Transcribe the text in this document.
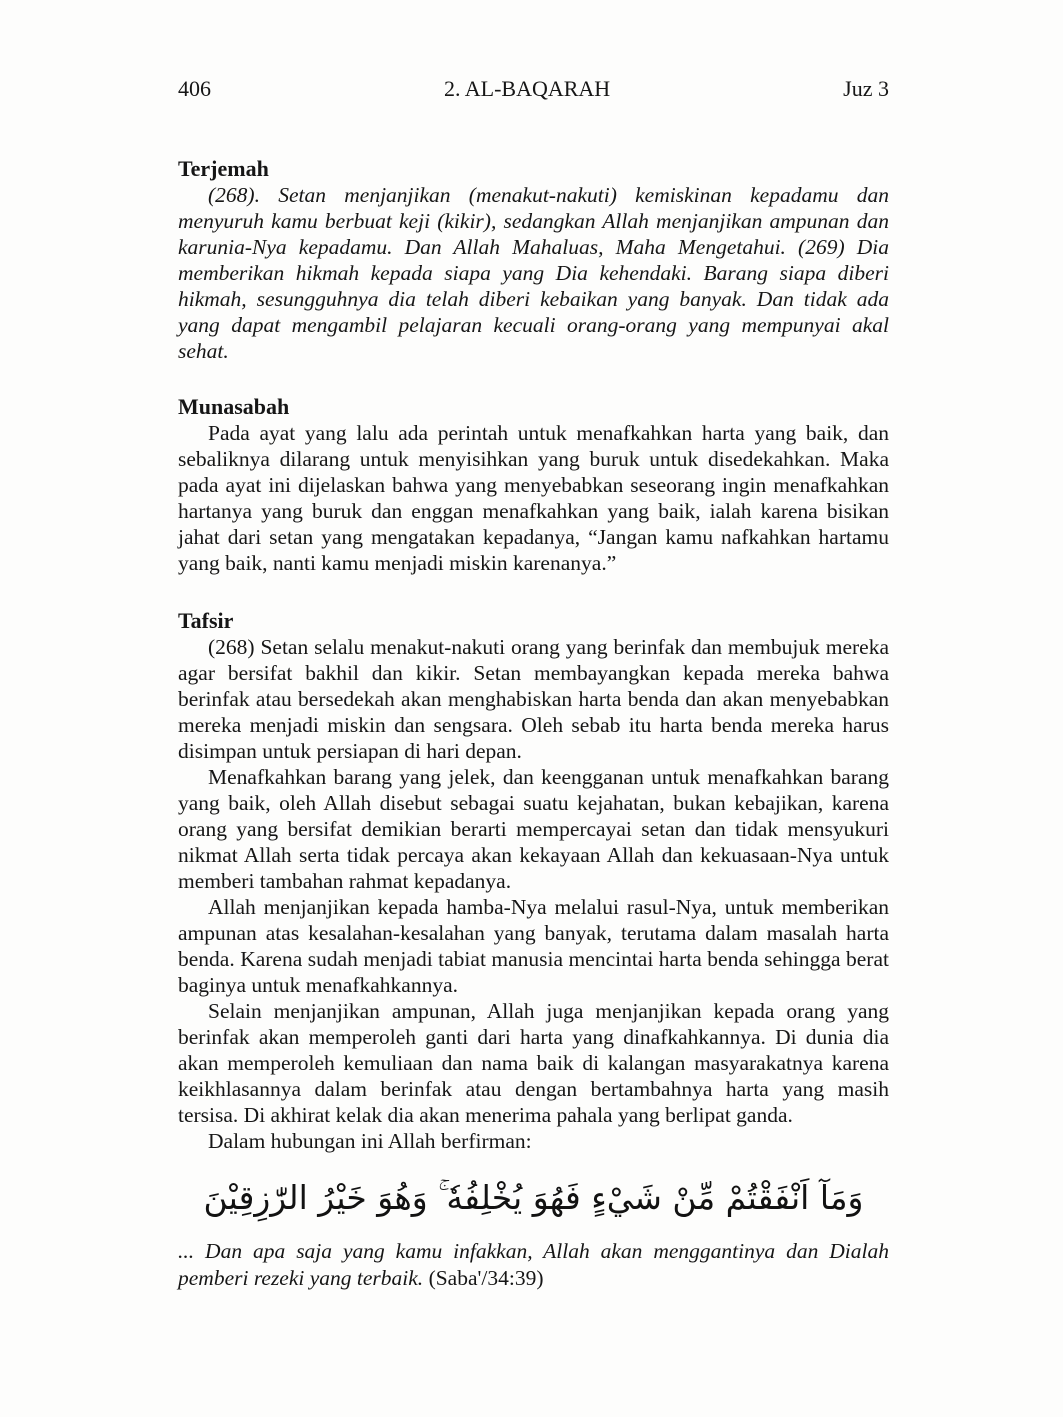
406	2. AL-BAQARAH	Juz 3
Terjemah

(268). Setan menjanjikan (menakut-nakuti) kemiskinan kepadamu dan menyuruh kamu berbuat keji (kikir), sedangkan Allah menjanjikan ampunan dan karunia-Nya kepadamu. Dan Allah Mahaluas, Maha Mengetahui. (269) Dia memberikan hikmah kepada siapa yang Dia kehendaki. Barang siapa diberi hikmah, sesungguhnya dia telah diberi kebaikan yang banyak. Dan tidak ada yang dapat mengambil pelajaran kecuali orang-orang yang mempunyai akal sehat.

Munasabah

Pada ayat yang lalu ada perintah untuk menafkahkan harta yang baik, dan sebaliknya dilarang untuk menyisihkan yang buruk untuk disedekahkan. Maka pada ayat ini dijelaskan bahwa yang menyebabkan seseorang ingin menafkahkan hartanya yang buruk dan enggan menafkahkan yang baik, ialah karena bisikan jahat dari setan yang mengatakan kepadanya, “Jangan kamu nafkahkan hartamu yang baik, nanti kamu menjadi miskin karenanya.”

Tafsir

(268) Setan selalu menakut-nakuti orang yang berinfak dan membujuk mereka agar bersifat bakhil dan kikir. Setan membayangkan kepada mereka bahwa berinfak atau bersedekah akan menghabiskan harta benda dan akan menyebabkan mereka menjadi miskin dan sengsara. Oleh sebab itu harta benda mereka harus disimpan untuk persiapan di hari depan.

Menafkahkan barang yang jelek, dan keengganan untuk menafkahkan barang yang baik, oleh Allah disebut sebagai suatu kejahatan, bukan kebajikan, karena orang yang bersifat demikian berarti mempercayai setan dan tidak mensyukuri nikmat Allah serta tidak percaya akan kekayaan Allah dan kekuasaan-Nya untuk memberi tambahan rahmat kepadanya.

Allah menjanjikan kepada hamba-Nya melalui rasul-Nya, untuk memberikan ampunan atas kesalahan-kesalahan yang banyak, terutama dalam masalah harta benda. Karena sudah menjadi tabiat manusia mencintai harta benda sehingga berat baginya untuk menafkahkannya.

Selain menjanjikan ampunan, Allah juga menjanjikan kepada orang yang berinfak akan memperoleh ganti dari harta yang dinafkahkannya. Di dunia dia akan memperoleh kemuliaan dan nama baik di kalangan masyarakatnya karena keikhlasannya dalam berinfak atau dengan bertambahnya harta yang masih tersisa. Di akhirat kelak dia akan menerima pahala yang berlipat ganda.

Dalam hubungan ini Allah berfirman:

وَمَآ اَنْفَقْتُمْ مِّنْ شَيْءٍ فَهُوَ يُخْلِفُهٗ ۚ وَهُوَ خَيْرُ الرّٰزِقِيْنَ

... Dan apa saja yang kamu infakkan, Allah akan menggantinya dan Dialah pemberi rezeki yang terbaik. (Saba'/34:39)
